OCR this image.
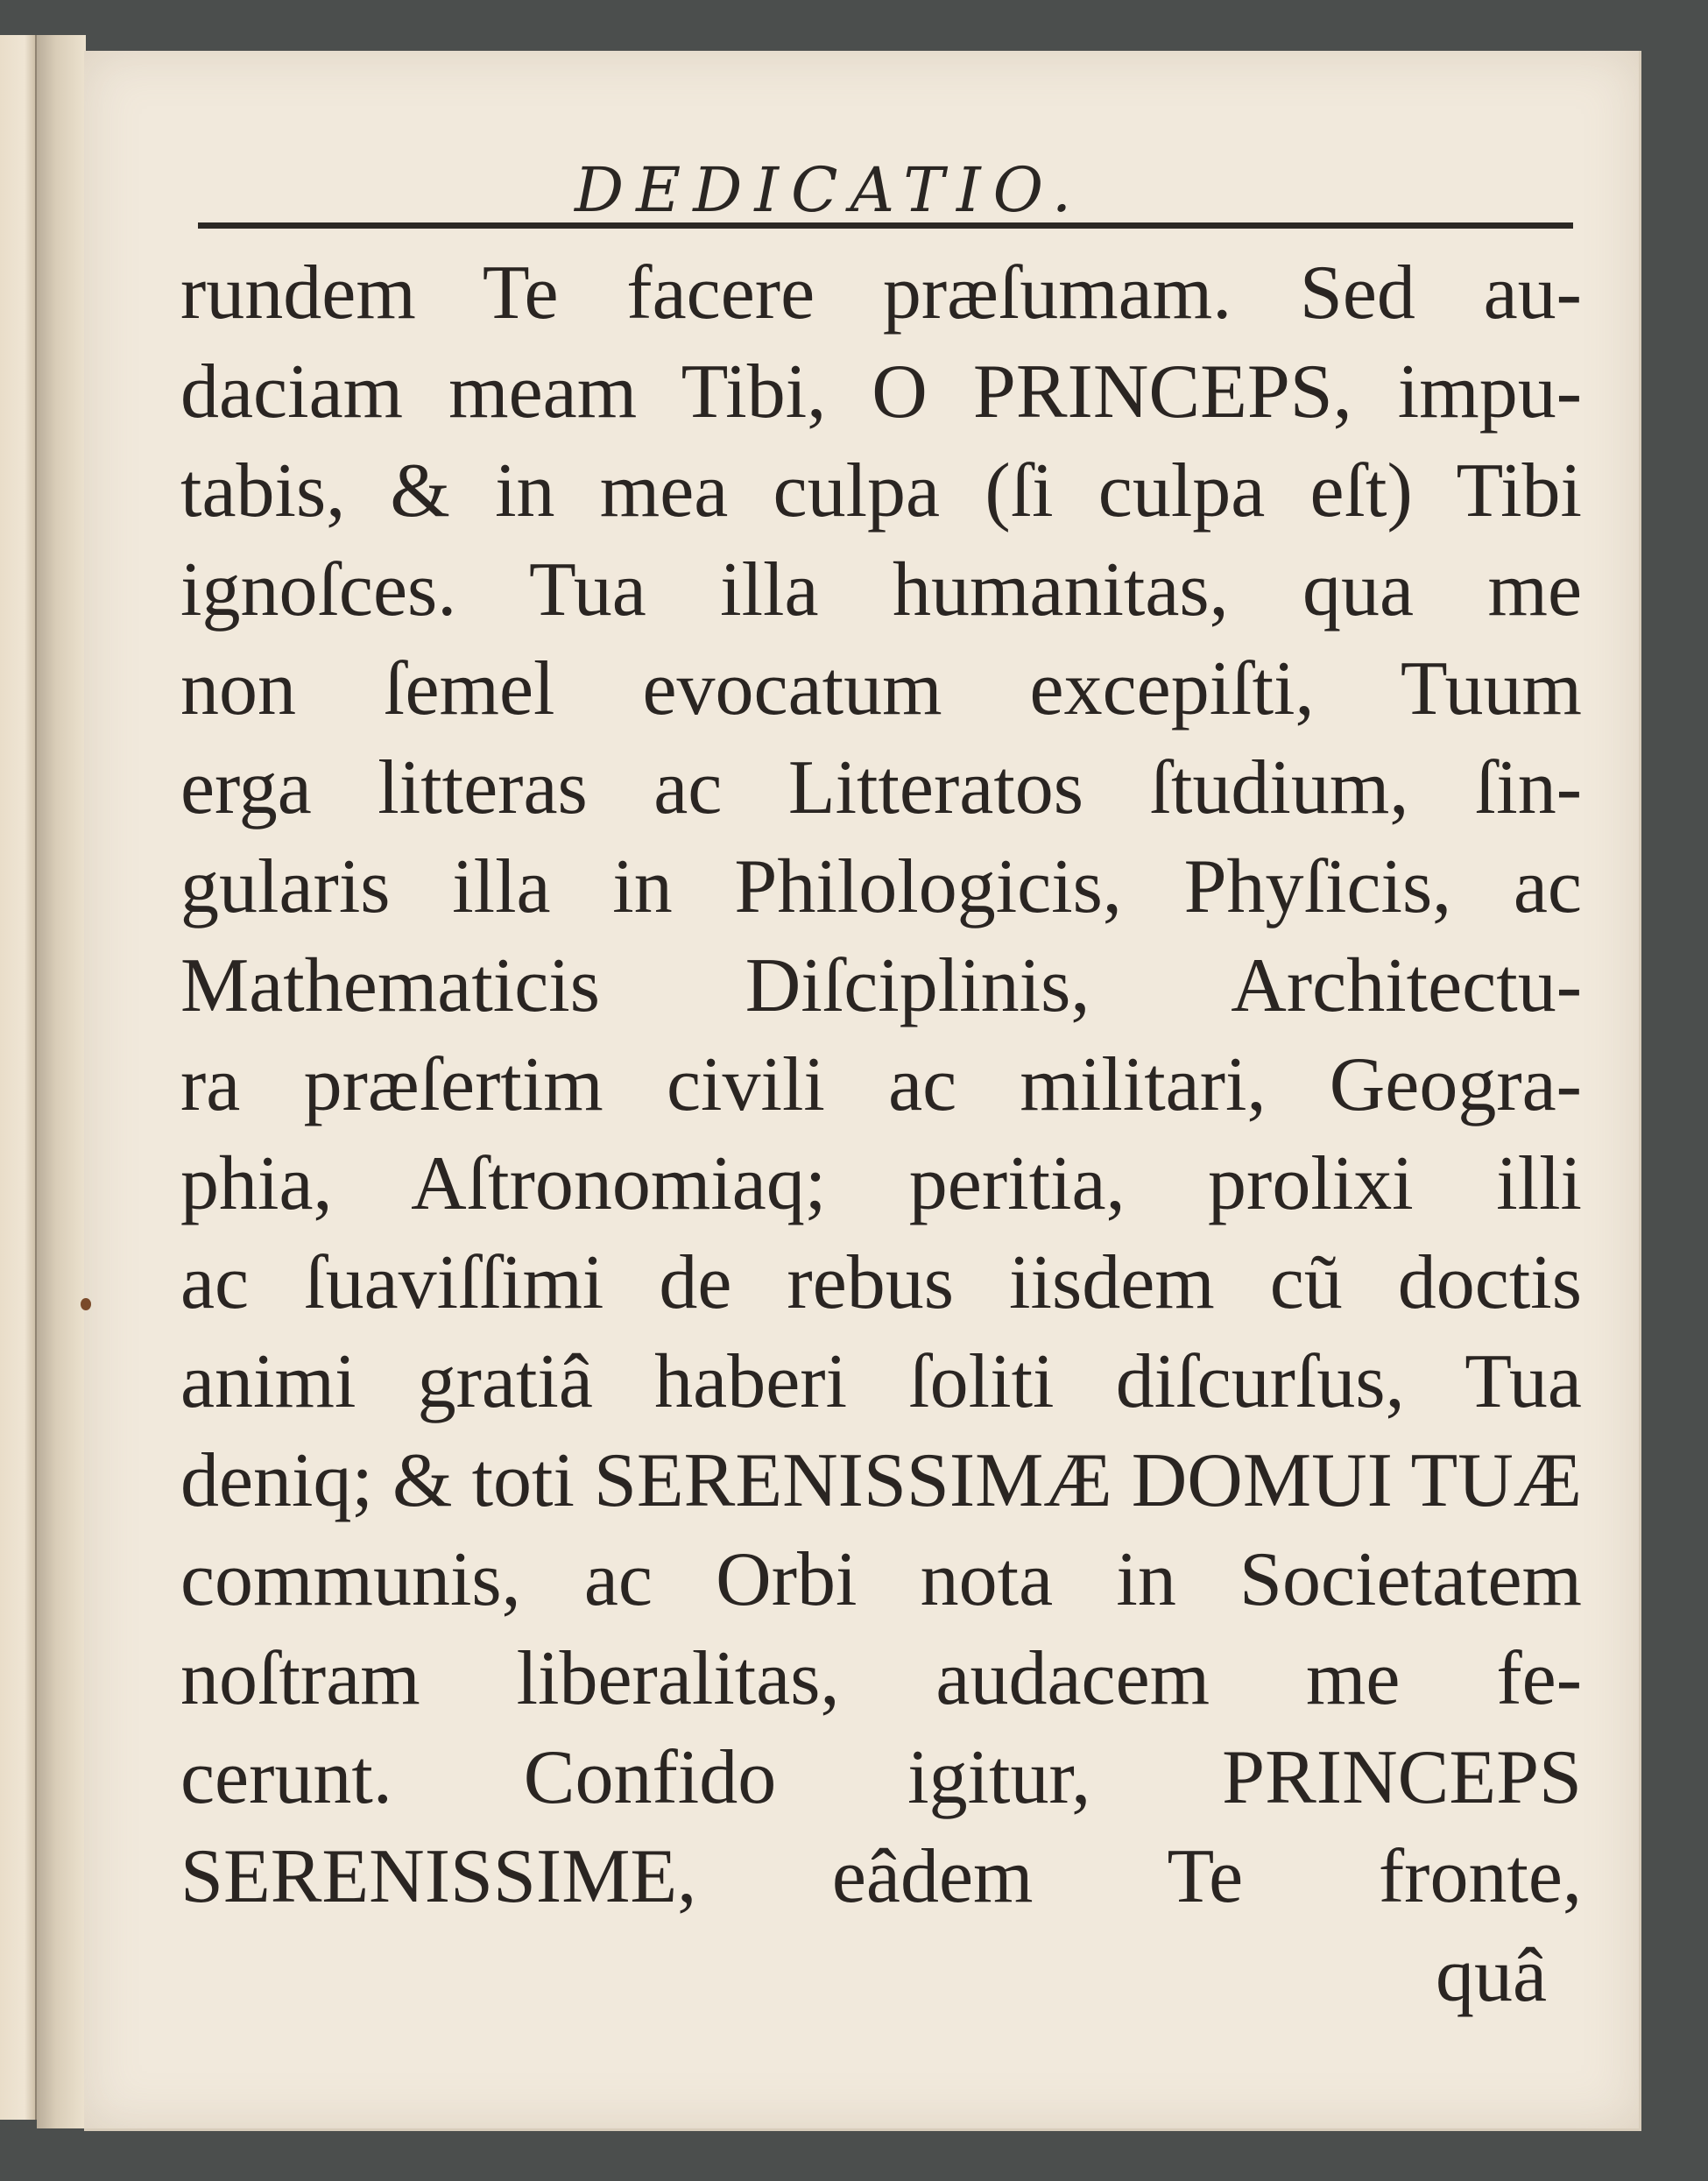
DEDICATIO.
rundem Te facere præſumam. Sed au-
daciam meam Tibi, O PRINCEPS, impu-
tabis, & in mea culpa (ſi culpa eſt) Tibi
ignoſces. Tua illa humanitas, qua me
non ſemel evocatum excepiſti, Tuum
erga litteras ac Litteratos ſtudium, ſin-
gularis illa in Philologicis, Phyſicis, ac
Mathematicis Diſciplinis, Architectu-
ra præſertim civili ac militari, Geogra-
phia, Aſtronomiaq; peritia, prolixi illi
ac ſuaviſſimi de rebus iisdem cũ doctis
animi gratiâ haberi ſoliti diſcurſus, Tua
deniq; & toti SERENISSIMÆ DOMUI TUÆ
communis, ac Orbi nota in Societatem
noſtram liberalitas, audacem me fe-
cerunt. Confido igitur, PRINCEPS
SERENISSIME, eâdem Te fronte,
quâ
